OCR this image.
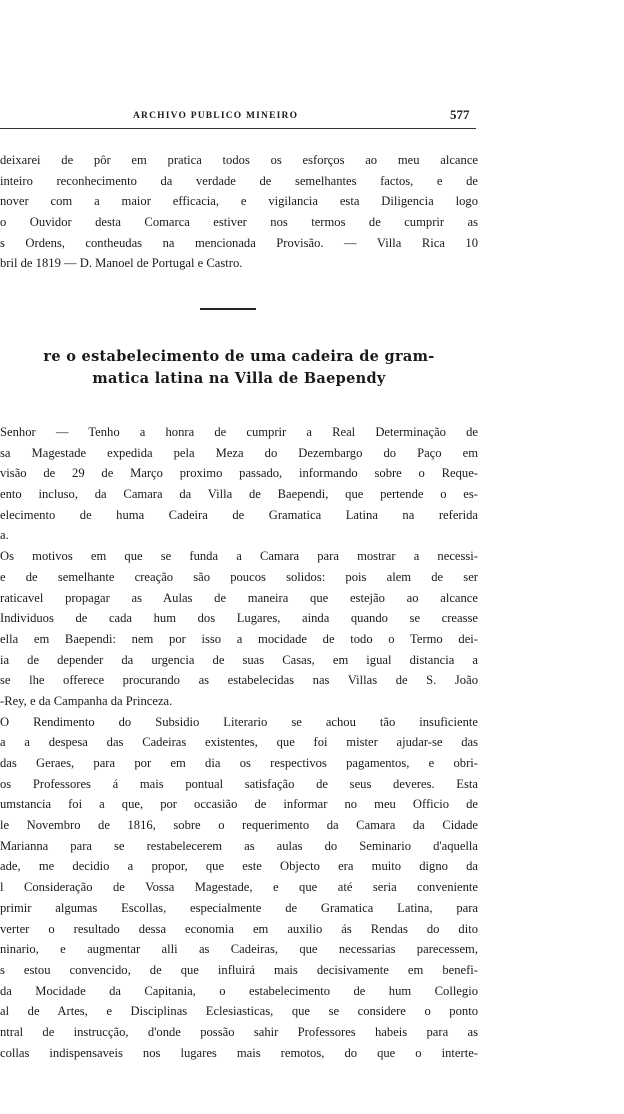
ARCHIVO PUBLICO MINEIRO	577
deixarei de pôr em pratica todos os esforços ao meu alcance
inteiro reconhecimento da verdade de semelhantes factos, e de
nover com a maior efficacia, e vigilancia esta Diligencia logo
o Ouvidor desta Comarca estiver nos termos de cumprir as
s Ordens, contheudas na mencionada Provisão. — Villa Rica 10
bril de 1819 — D. Manoel de Portugal e Castro.
re o estabelecimento de uma cadeira de gram-
matica latina na Villa de Baependy
Senhor — Tenho a honra de cumprir a Real Determinação de
sa Magestade expedida pela Meza do Dezembargo do Paço em
visão de 29 de Março proximo passado, informando sobre o Reque-
ento incluso, da Camara da Villa de Baependi, que pertende o es-
elecimento de huma Cadeira de Gramatica Latina na referida
a.
Os motivos em que se funda a Camara para mostrar a necessi-
e de semelhante creação são poucos solidos: pois alem de ser
raticavel propagar as Aulas de maneira que estejão ao alcance
Individuos de cada hum dos Lugares, ainda quando se creasse
ella em Baependi: nem por isso a mocidade de todo o Termo dei-
ia de depender da urgencia de suas Casas, em igual distancia a
se lhe offerece procurando as estabelecidas nas Villas de S. João
-Rey, e da Campanha da Princeza.
O Rendimento do Subsidio Literario se achou tão insuficiente
a a despesa das Cadeiras existentes, que foi mister ajudar-se das
das Geraes, para por em dia os respectivos pagamentos, e obri-
os Professores á mais pontual satisfação de seus deveres. Esta
umstancia foi a que, por occasião de informar no meu Officio de
le Novembro de 1816, sobre o requerimento da Camara da Cidade
Marianna para se restabelecerem as aulas do Seminario d'aquella
ade, me decidio a propor, que este Objecto era muito digno da
l Consideração de Vossa Magestade, e que até seria conveniente
primir algumas Escollas, especialmente de Gramatica Latina, para
verter o resultado dessa economia em auxilio ás Rendas do dito
ninario, e augmentar alli as Cadeiras, que necessarias parecessem,
s estou convencido, de que influirá mais decisivamente em benefi-
da Mocidade da Capitania, o estabelecimento de hum Collegio
al de Artes, e Disciplinas Eclesiasticas, que se considere o ponto
ntral de instrucção, d'onde possão sahir Professores habeis para as
collas indispensaveis nos lugares mais remotos, do que o interte-
